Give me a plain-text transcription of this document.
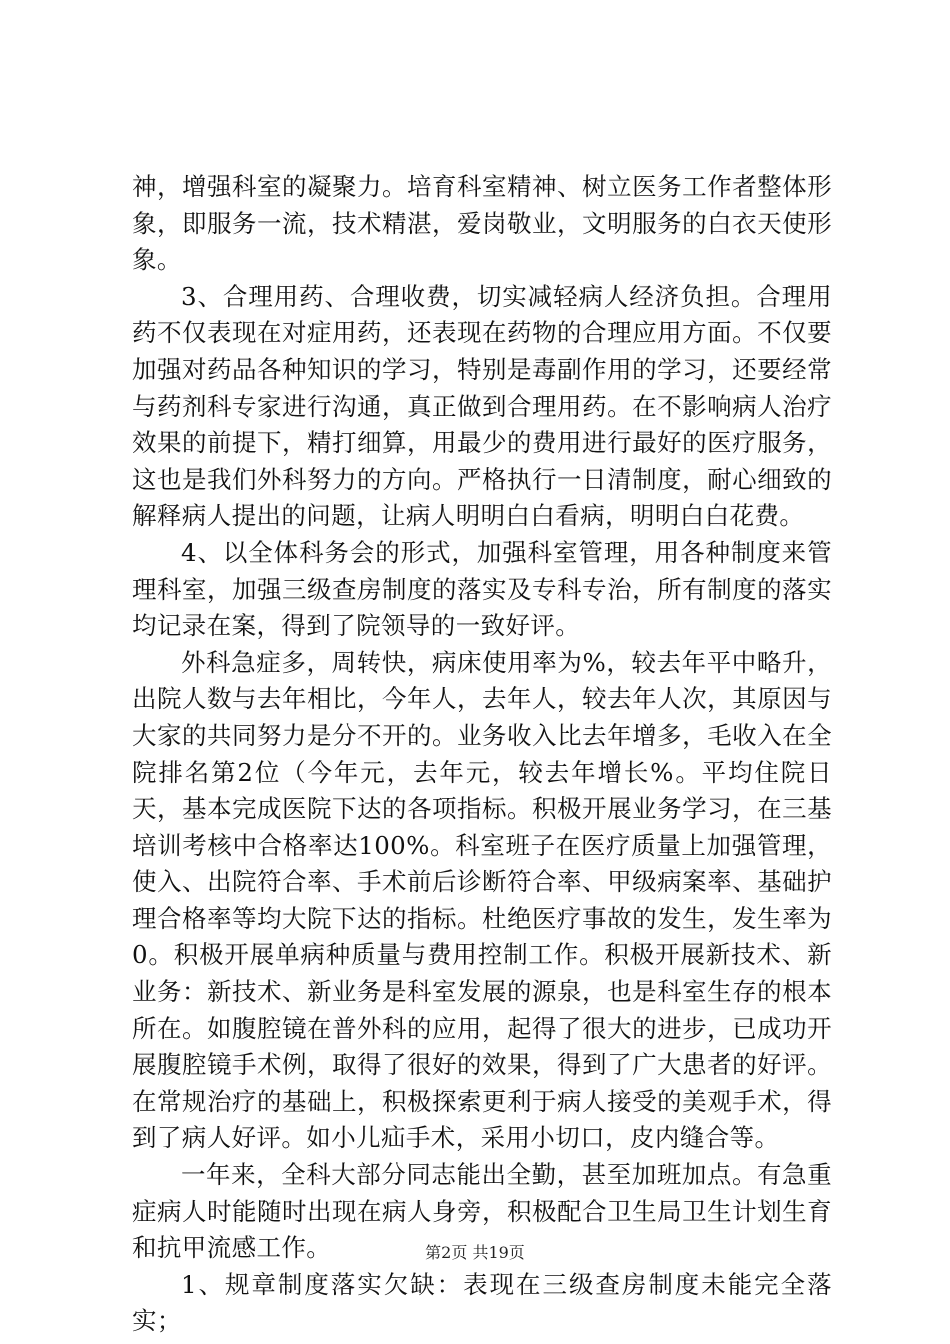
神，增强科室的凝聚力。培育科室精神、树立医务工作者整体形象，即服务一流，技术精湛，爱岗敬业，文明服务的白衣天使形象。

3、合理用药、合理收费，切实减轻病人经济负担。合理用药不仅表现在对症用药，还表现在药物的合理应用方面。不仅要加强对药品各种知识的学习，特别是毒副作用的学习，还要经常与药剂科专家进行沟通，真正做到合理用药。在不影响病人治疗效果的前提下，精打细算，用最少的费用进行最好的医疗服务，这也是我们外科努力的方向。严格执行一日清制度，耐心细致的解释病人提出的问题，让病人明明白白看病，明明白白花费。

4、以全体科务会的形式，加强科室管理，用各种制度来管理科室，加强三级查房制度的落实及专科专治，所有制度的落实均记录在案，得到了院领导的一致好评。

外科急症多，周转快，病床使用率为%，较去年平中略升，出院人数与去年相比，今年人，去年人，较去年人次，其原因与大家的共同努力是分不开的。业务收入比去年增多，毛收入在全院排名第2位（今年元，去年元，较去年增长%。平均住院日天，基本完成医院下达的各项指标。积极开展业务学习，在三基培训考核中合格率达100%。科室班子在医疗质量上加强管理，使入、出院符合率、手术前后诊断符合率、甲级病案率、基础护理合格率等均大院下达的指标。杜绝医疗事故的发生，发生率为0。积极开展单病种质量与费用控制工作。积极开展新技术、新业务：新技术、新业务是科室发展的源泉，也是科室生存的根本所在。如腹腔镜在普外科的应用，起得了很大的进步，已成功开展腹腔镜手术例，取得了很好的效果，得到了广大患者的好评。在常规治疗的基础上，积极探索更利于病人接受的美观手术，得到了病人好评。如小儿疝手术，采用小切口，皮内缝合等。

一年来，全科大部分同志能出全勤，甚至加班加点。有急重症病人时能随时出现在病人身旁，积极配合卫生局卫生计划生育和抗甲流感工作。

1、规章制度落实欠缺：表现在三级查房制度未能完全落实；

第2页 共19页
